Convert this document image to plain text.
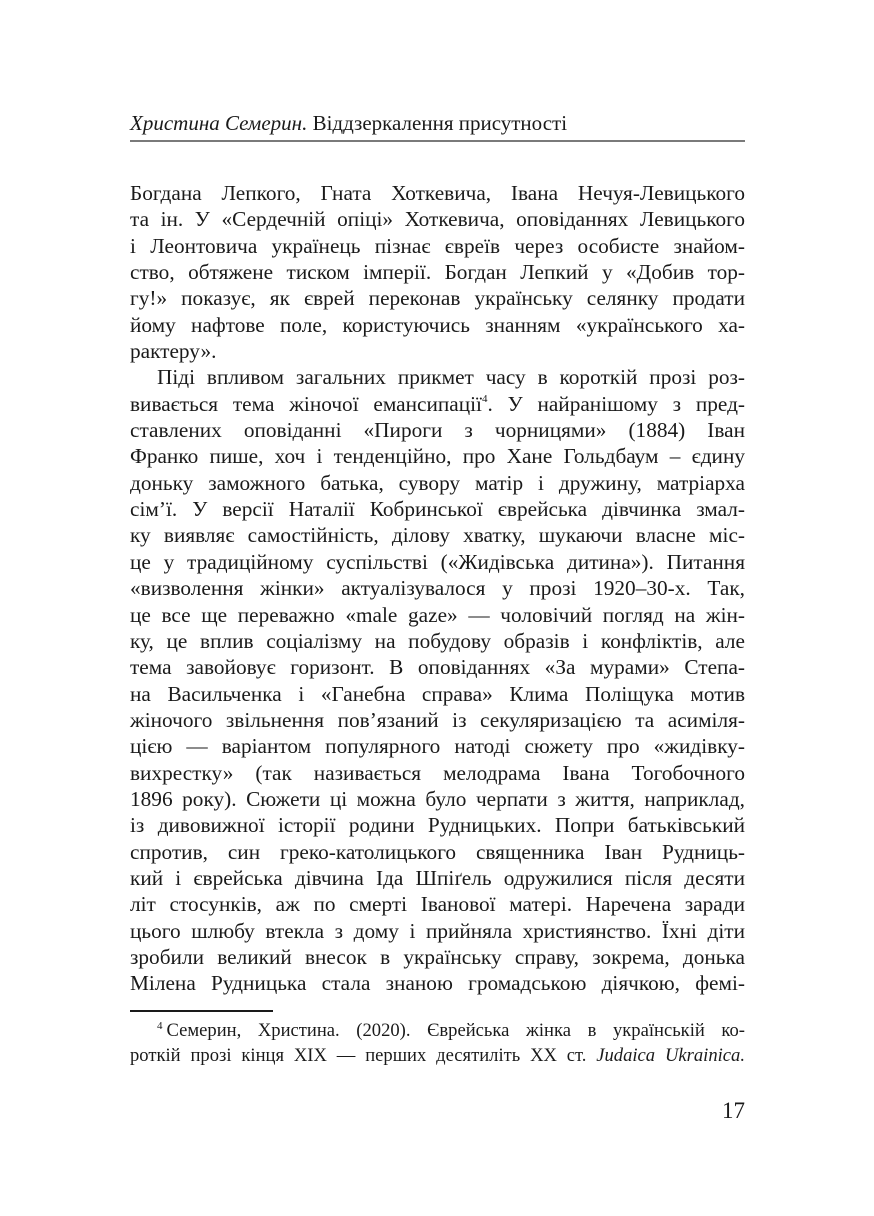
Христина Семерин. Віддзеркалення присутності
Богдана Лепкого, Гната Хоткевича, Івана Нечуя-Левицького
та ін. У «Сердечній опіці» Хоткевича, оповіданнях Левицького
і Леонтовича українець пізнає євреїв через особисте знайом-
ство, обтяжене тиском імперії. Богдан Лепкий у «Добив тор-
гу!» показує, як єврей переконав українську селянку продати
йому нафтове поле, користуючись знанням «українського ха-
рактеру».
Піді впливом загальних прикмет часу в короткій прозі роз-
вивається тема жіночої емансипації$^4$. У найранішому з пред-
ставлених оповіданні «Пироги з чорницями» (1884) Іван
Франко пише, хоч і тенденційно, про Хане Гольдбаум – єдину
доньку заможного батька, сувору матір і дружину, матріарха
сім’ї. У версії Наталії Кобринської єврейська дівчинка змал-
ку виявляє самостійність, ділову хватку, шукаючи власне міс-
це у традиційному суспільстві («Жидівська дитина»). Питання
«визволення жінки» актуалізувалося у прозі 1920–30-х. Так,
це все ще переважно «male gaze» — чоловічий погляд на жін-
ку, це вплив соціалізму на побудову образів і конфліктів, але
тема завойовує горизонт. В оповіданнях «За мурами» Степа-
на Васильченка і «Ганебна справа» Клима Поліщука мотив
жіночого звільнення пов’язаний із секуляризацією та асиміля-
цією — варіантом популярного натоді сюжету про «жидівку-
вихрестку» (так називається мелодрама Івана Тогобочного
1896 року). Сюжети ці можна було черпати з життя, наприклад,
із дивовижної історії родини Рудницьких. Попри батьківський
спротив, син греко-католицького священника Іван Рудниць-
кий і єврейська дівчина Іда Шпіґель одружилися після десяти
літ стосунків, аж по смерті Іванової матері. Наречена заради
цього шлюбу втекла з дому і прийняла християнство. Їхні діти
зробили великий внесок в українську справу, зокрема, донька
Мілена Рудницька стала знаною громадською діячкою, фемі-
$^4$ Семерин, Христина. (2020). Єврейська жінка в українській ко-
роткій прозі кінця XIX — перших десятиліть XX ст. Judaica Ukrainica.
17
